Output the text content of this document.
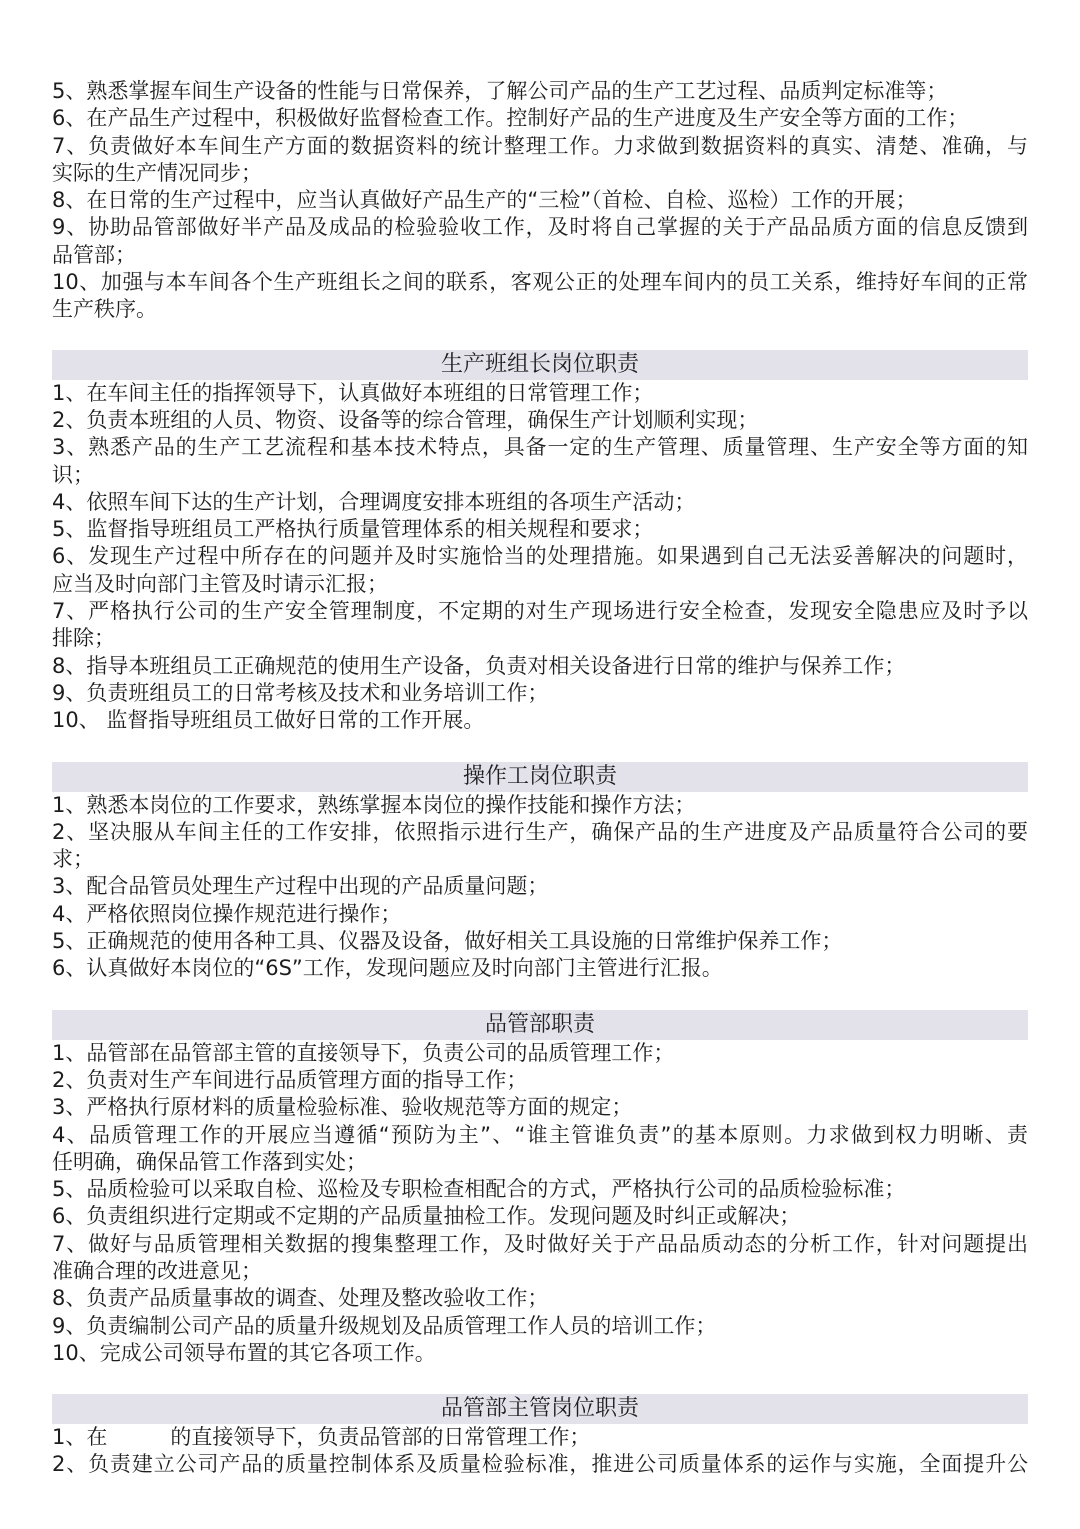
5、熟悉掌握车间生产设备的性能与日常保养，了解公司产品的生产工艺过程、品质判定标准等；
6、在产品生产过程中，积极做好监督检查工作。控制好产品的生产进度及生产安全等方面的工作；
7、负责做好本车间生产方面的数据资料的统计整理工作。力求做到数据资料的真实、清楚、准确，与
实际的生产情况同步；
8、在日常的生产过程中，应当认真做好产品生产的“三检”（首检、自检、巡检）工作的开展；
9、协助品管部做好半产品及成品的检验验收工作，及时将自己掌握的关于产品品质方面的信息反馈到
品管部；
10、加强与本车间各个生产班组长之间的联系，客观公正的处理车间内的员工关系，维持好车间的正常
生产秩序。
生产班组长岗位职责
1、在车间主任的指挥领导下，认真做好本班组的日常管理工作；
2、负责本班组的人员、物资、设备等的综合管理，确保生产计划顺利实现；
3、熟悉产品的生产工艺流程和基本技术特点，具备一定的生产管理、质量管理、生产安全等方面的知
识；
4、依照车间下达的生产计划，合理调度安排本班组的各项生产活动；
5、监督指导班组员工严格执行质量管理体系的相关规程和要求；
6、发现生产过程中所存在的问题并及时实施恰当的处理措施。如果遇到自己无法妥善解决的问题时，
应当及时向部门主管及时请示汇报；
7、严格执行公司的生产安全管理制度，不定期的对生产现场进行安全检查，发现安全隐患应及时予以
排除；
8、指导本班组员工正确规范的使用生产设备，负责对相关设备进行日常的维护与保养工作；
9、负责班组员工的日常考核及技术和业务培训工作；
10、 监督指导班组员工做好日常的工作开展。
操作工岗位职责
1、熟悉本岗位的工作要求，熟练掌握本岗位的操作技能和操作方法；
2、坚决服从车间主任的工作安排，依照指示进行生产，确保产品的生产进度及产品质量符合公司的要
求；
3、配合品管员处理生产过程中出现的产品质量问题；
4、严格依照岗位操作规范进行操作；
5、正确规范的使用各种工具、仪器及设备，做好相关工具设施的日常维护保养工作；
6、认真做好本岗位的“6S”工作，发现问题应及时向部门主管进行汇报。
品管部职责
1、品管部在品管部主管的直接领导下，负责公司的品质管理工作；
2、负责对生产车间进行品质管理方面的指导工作；
3、严格执行原材料的质量检验标准、验收规范等方面的规定；
4、品质管理工作的开展应当遵循“预防为主”、“谁主管谁负责”的基本原则。力求做到权力明晰、责
任明确，确保品管工作落到实处；
5、品质检验可以采取自检、巡检及专职检查相配合的方式，严格执行公司的品质检验标准；
6、负责组织进行定期或不定期的产品质量抽检工作。发现问题及时纠正或解决；
7、做好与品质管理相关数据的搜集整理工作，及时做好关于产品品质动态的分析工作，针对问题提出
准确合理的改进意见；
8、负责产品质量事故的调查、处理及整改验收工作；
9、负责编制公司产品的质量升级规划及品质管理工作人员的培训工作；
10、完成公司领导布置的其它各项工作。
品管部主管岗位职责
1、在　　　的直接领导下，负责品管部的日常管理工作；
2、负责建立公司产品的质量控制体系及质量检验标准，推进公司质量体系的运作与实施，全面提升公
